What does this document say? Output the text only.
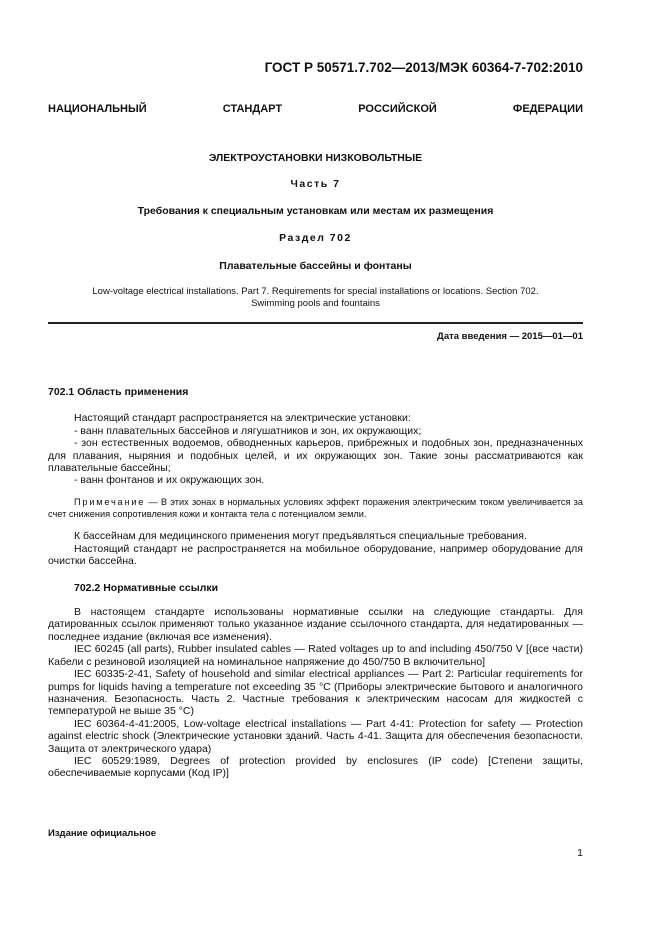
ГОСТ Р 50571.7.702—2013/МЭК 60364-7-702:2010
НАЦИОНАЛЬНЫЙ СТАНДАРТ РОССИЙСКОЙ ФЕДЕРАЦИИ
ЭЛЕКТРОУСТАНОВКИ НИЗКОВОЛЬТНЫЕ
Часть 7
Требования к специальным установкам или местам их размещения
Раздел 702
Плавательные бассейны и фонтаны
Low-voltage electrical installations. Part 7. Requirements for special installations or locations. Section 702.
Swimming pools and fountains
Дата введения — 2015—01—01

702.1 Область применения

Настоящий стандарт распространяется на электрические установки:

- ванн плавательных бассейнов и лягушатников и зон, их окружающих;

- зон естественных водоемов, обводненных карьеров, прибрежных и подобных зон, предназначенных для плавания, ныряния и подобных целей, и их окружающих зон. Такие зоны рассматриваются как плавательные бассейны;

- ванн фонтанов и их окружающих зон.

Примечание — В этих зонах в нормальных условиях эффект поражения электрическим током увеличивается за счет снижения сопротивления кожи и контакта тела с потенциалом земли.

К бассейнам для медицинского применения могут предъявляться специальные требования.

Настоящий стандарт не распространяется на мобильное оборудование, например оборудование для очистки бассейна.

702.2 Нормативные ссылки

В настоящем стандарте использованы нормативные ссылки на следующие стандарты. Для датированных ссылок применяют только указанное издание ссылочного стандарта, для недатированных — последнее издание (включая все изменения).

IEC 60245 (all parts), Rubber insulated cables — Rated voltages up to and including 450/750 V [(все части) Кабели с резиновой изоляцией на номинальное напряжение до 450/750 В включительно]

IEC 60335-2-41, Safety of household and similar electrical appliances — Part 2: Particular requirements for pumps for liquids having a temperature not exceeding 35 °C (Приборы электрические бытового и аналогичного назначения. Безопасность. Часть 2. Частные требования к электрическим насосам для жидкостей с температурой не выше 35 °С)

IEC 60364-4-41:2005, Low-voltage electrical installations — Part 4-41: Protection for safety — Protection against electric shock (Электрические установки зданий. Часть 4-41. Защита для обеспечения безопасности. Защита от электрического удара)

IEC 60529:1989, Degrees of protection provided by enclosures (IP code) [Степени защиты, обеспечиваемые корпусами (Код IP)]

Издание официальное
1
